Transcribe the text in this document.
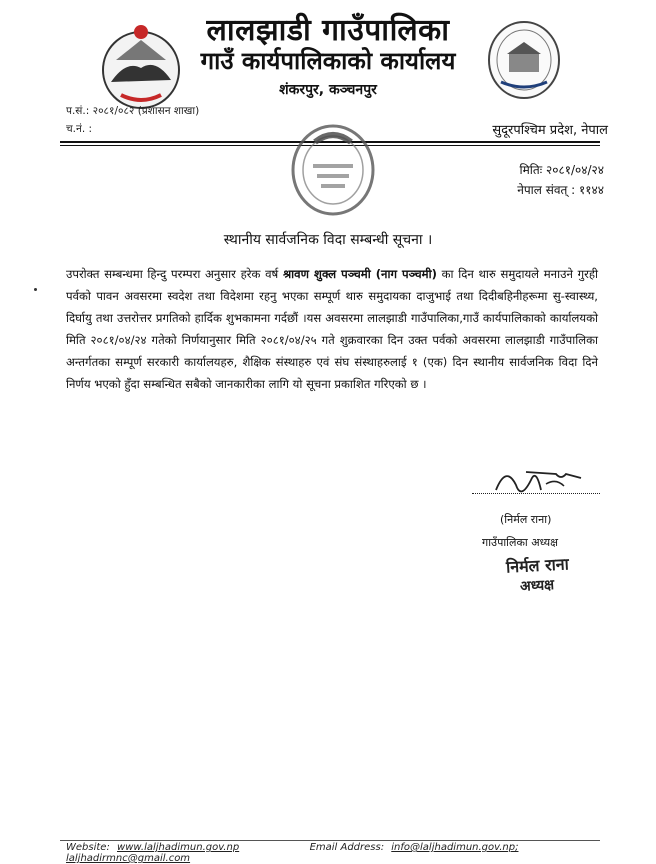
लालझाडी गाउँपालिका
गाउँ कार्यपालिकाको कार्यालय
शंकरपुर, कञ्चनपुर
प.सं.: २०८१/०८२ (प्रशासन शाखा)
च.नं. :	सुदूरपश्चिम प्रदेश, नेपाल
मितिः २०८१/०४/२४
नेपाल संवत् : ११४४
स्थानीय सार्वजनिक विदा सम्बन्धी सूचना ।
उपरोक्त सम्बन्धमा हिन्दु परम्परा अनुसार हरेक वर्ष श्रावण शुक्ल पञ्चमी (नाग पञ्चमी) का दिन थारु समुदायले मनाउने गुरही पर्वको पावन अवसरमा स्वदेश तथा विदेशमा रहनु भएका सम्पूर्ण थारु समुदायका दाजुभाई तथा दिदीबहिनीहरूमा सु-स्वास्थ्य, दिर्घायु तथा उत्तरोत्तर प्रगतिको हार्दिक शुभकामना गर्दछौं ।यस अवसरमा लालझाडी गाउँपालिका,गाउँ कार्यपालिकाको कार्यालयको मिति २०८१/०४/२४ गतेको निर्णयानुसार मिति २०८१/०४/२५ गते शुक्रवारका दिन उक्त पर्वको अवसरमा लालझाडी गाउँपालिका अन्तर्गतका सम्पूर्ण सरकारी कार्यालयहरु, शैक्षिक संस्थाहरु एवं संघ संस्थाहरुलाई १ (एक) दिन स्थानीय सार्वजनिक विदा दिने निर्णय भएको हुँदा सम्बन्धित सबैको जानकारीका लागि यो सूचना प्रकाशित गरिएको छ ।
(निर्मल राना)
गाउँपालिका अध्यक्ष
निर्मल राना
अध्यक्ष
Website: www.laljhadimun.gov.np	Email Address: info@laljhadimun.gov.np; laljhadirmnc@gmail.com
